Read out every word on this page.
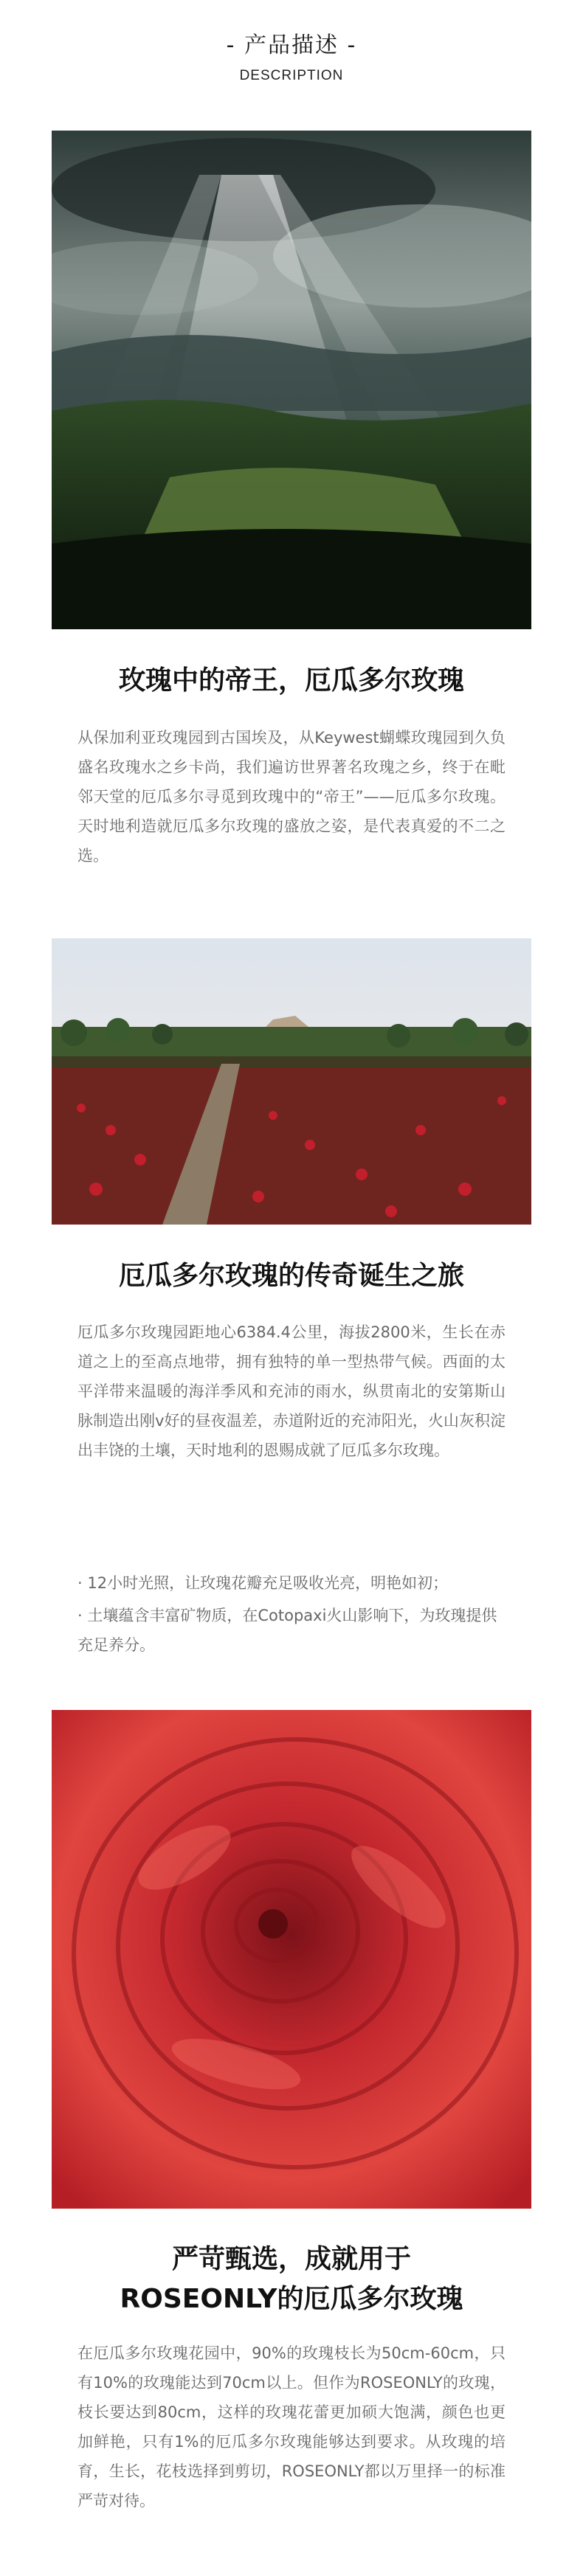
- 产品描述 -
DESCRIPTION
玫瑰中的帝王，厄瓜多尔玫瑰

从保加利亚玫瑰园到古国埃及，从Keywest蝴蝶玫瑰园到久负盛名玫瑰水之乡卡尚，我们遍访世界著名玫瑰之乡，终于在毗邻天堂的厄瓜多尔寻觅到玫瑰中的“帝王”——厄瓜多尔玫瑰。天时地利造就厄瓜多尔玫瑰的盛放之姿，是代表真爱的不二之选。

厄瓜多尔玫瑰的传奇诞生之旅

厄瓜多尔玫瑰园距地心6384.4公里，海拔2800米，生长在赤道之上的至高点地带，拥有独特的单一型热带气候。西面的太平洋带来温暖的海洋季风和充沛的雨水，纵贯南北的安第斯山脉制造出刚v好的昼夜温差，赤道附近的充沛阳光，火山灰积淀出丰饶的土壤，天时地利的恩赐成就了厄瓜多尔玫瑰。

· 12小时光照，让玫瑰花瓣充足吸收光亮，明艳如初；
· 土壤蕴含丰富矿物质，在Cotopaxi火山影响下，为玫瑰提供充足养分。
严苛甄选，成就用于
ROSEONLY的厄瓜多尔玫瑰

在厄瓜多尔玫瑰花园中，90%的玫瑰枝长为50cm-60cm，只有10%的玫瑰能达到70cm以上。但作为ROSEONLY的玫瑰，枝长要达到80cm，这样的玫瑰花蕾更加硕大饱满，颜色也更加鲜艳，只有1%的厄瓜多尔玫瑰能够达到要求。从玫瑰的培育，生长，花枝选择到剪切，ROSEONLY都以万里择一的标准严苛对待。
